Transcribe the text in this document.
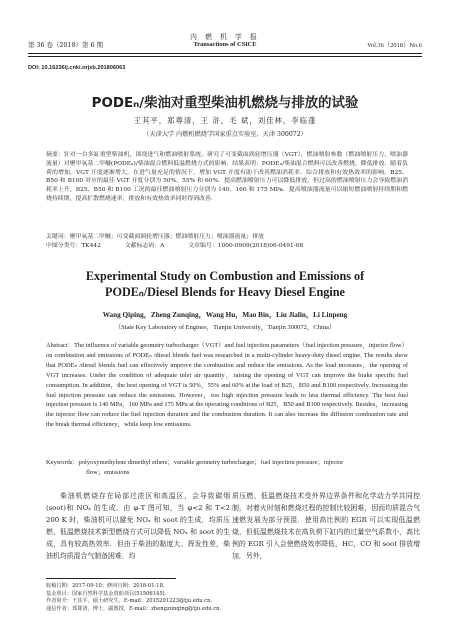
第 36 卷（2018）第 6 期
内 燃 机 学 报
Transactions of CSICE	Vol.36（2018）No.6
DOI: 10.16236/j.cnki.nrjxb.201806063
PODEₙ/柴油对重型柴油机燃烧与排放的试验
王其平，郑尊清，王 浒，毛 斌，刘佳林，李临蓬
（天津大学 内燃机燃烧学国家重点实验室，天津 300072）
摘要：针对一台多缸重型柴油机，围绕进气和燃油喷射系统，研究了可变截面涡轮增压器（VGT）、燃油喷射参数（燃油喷射压力、喷油器流量）对聚甲氧基二甲醚(PODEₙ)/柴油混合燃料低温燃烧方式的影响．结果表明：PODEₙ/柴油混合燃料可以改善燃烧，降低排放．随着负荷的增加，VGT 开度逐渐增大，在进气量充足的情况下，增加 VGT 开度有助于改善燃油消耗率．综合排放和有效热效率的影响，B25、B50 和 B100 对应的最佳 VGT 开度分别为 50%、55% 和 60%．提高燃油喷射压力可以降低排放，但过高的燃油喷射压力会导致燃油消耗率上升，B25、B50 和 B100 工况的最佳燃油喷射压力分别为 140、160 和 175 MPa．提高喷油器流量可以缩短燃油喷射持续期和燃烧持续期，提高扩散燃烧速率，排放和有效热效率同时得到改善．
关键词：聚甲氧基二甲醚；可变截面涡轮增压器；燃油喷射压力；喷油器流量；排放
中图分类号：TK442	文献标志码：A	文章编号：1000-0909(2018)06-0491-08
Experimental Study on Combustion and Emissions of
PODEₙ/Diesel Blends for Heavy Diesel Engine
Wang Qiping，Zheng Zunqing，Wang Hu，Mao Bin，Liu Jialin，Li Linpeng
（State Key Laboratory of Engines，Tianjin University，Tianjin 300072，China）
Abstract：The influence of variable geometry turbocharger（VGT）and fuel injection parameters（fuel injection pressure，injector flow）on combustion and emissions of PODEₙ /diesel blends fuel was researched in a multi-cylinder heavy-duty diesel engine. The results show that PODEₙ /diesel blends fuel can effectively improve the combustion and reduce the emissions. As the load increases，the opening of VGT increases. Under the condition of adequate inlet air quantity，raising the opening of VGT can improve the brake specific fuel consumption. In addition，the best opening of VGT is 50%，55% and 60% at the load of B25，B50 and B100 respectively. Increasing the fuel injection pressure can reduce the emissions. However，too high injection pressure leads to less thermal efficiency. The best fuel injection pressure is 140 MPa，160 MPa and 175 MPa at the operating conditions of B25，B50 and B100 respectively. Besides，increasing the injector flow can reduce the fuel injection duration and the combustion duration. It can also increase the diffusion combustion rate and the break thermal efficiency，while keep low emissions.
Keywords：polyoxymethylene dimethyl ethers；variable geometry turbocharger；fuel injection pressure；injector
flow；emissions
柴油机燃烧存在局部过浓区和高温区，会导致碳烟(soot)和 NOₓ 的生成．由 φ-T 图可知，当 φ<2 和 T<2 200 K 时，柴油机可以避免 NOₓ 和 soot 的生成．均质压燃、低温燃烧技术新型燃烧方式可以降低 NOₓ 和 soot 的生成，具有较高热效率．但由于柴油的黏度大、挥发性差，柴油机均质混合气制备困难．均
质压燃、低温燃烧技术受外界边界条件和化学动力学共同控制，对着火时刻和燃烧过程的控制比较困难，因而均质混合气速燃发展为部分预混．使用高比例的 EGR 可以实现低温燃烧，但低温燃烧技术在高负荷下缸内的过量空气系数小，高比例的 EGR 引入会使燃烧效率降低，HC，CO 和 soot 排放增加．另外，
收稿日期：2017-09-10；修回日期：2018-01-18.
基金项目：国家自然科学基金资助项目(51506145).
作者简介：王其平，硕士研究生，E-mail：2015201223@tju.edu.cn.
通信作者：郑尊清，博士，副教授，E-mail：zhengzunqing@tju.edu.cn.
